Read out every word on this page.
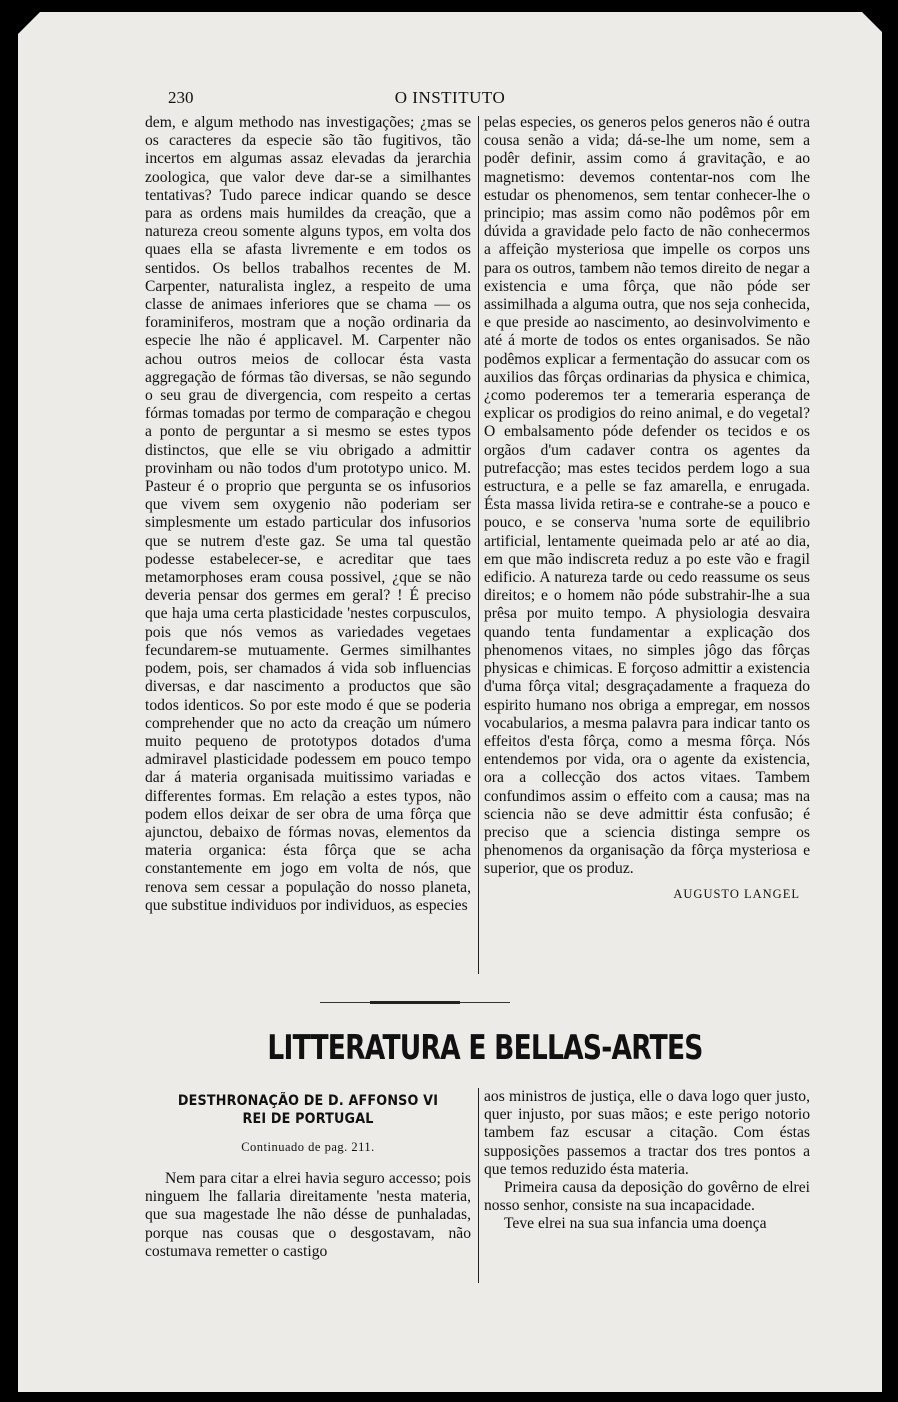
230	O INSTITUTO

dem, e algum methodo nas investigações; ¿mas se os caracteres da especie são tão fugitivos, tão incertos em algumas assaz elevadas da jerarchia zoologica, que valor deve dar-se a similhantes tentativas? Tudo parece indicar quando se desce para as ordens mais humildes da creação, que a natureza creou somente alguns typos, em volta dos quaes ella se afasta livremente e em todos os sentidos. Os bellos trabalhos recentes de M. Carpenter, naturalista inglez, a respeito de uma classe de animaes inferiores que se chama — os foraminiferos, mostram que a noção ordinaria da especie lhe não é applicavel. M. Carpenter não achou outros meios de collocar ésta vasta aggregação de fórmas tão diversas, se não segundo o seu grau de divergencia, com respeito a certas fórmas tomadas por termo de comparação e chegou a ponto de perguntar a si mesmo se estes typos distinctos, que elle se viu obrigado a admittir provinham ou não todos d'um prototypo unico. M. Pasteur é o proprio que pergunta se os infusorios que vivem sem oxygenio não poderiam ser simplesmente um estado particular dos infusorios que se nutrem d'este gaz. Se uma tal questão podesse estabelecer-se, e acreditar que taes metamorphoses eram cousa possivel, ¿que se não deveria pensar dos germes em geral? ! É preciso que haja uma certa plasticidade 'nestes corpusculos, pois que nós vemos as variedades vegetaes fecundarem-se mutuamente. Germes similhantes podem, pois, ser chamados á vida sob influencias diversas, e dar nascimento a productos que são todos identicos. So por este modo é que se poderia comprehender que no acto da creação um número muito pequeno de prototypos dotados d'uma admiravel plasticidade podessem em pouco tempo dar á materia organisada muitissimo variadas e differentes formas. Em relação a estes typos, não podem ellos deixar de ser obra de uma fôrça que ajunctou, debaixo de fórmas novas, elementos da materia organica: ésta fôrça que se acha constantemente em jogo em volta de nós, que renova sem cessar a população do nosso planeta, que substitue individuos por individuos, as especies

pelas especies, os generos pelos generos não é outra cousa senão a vida; dá-se-lhe um nome, sem a podêr definir, assim como á gravitação, e ao magnetismo: devemos contentar-nos com lhe estudar os phenomenos, sem tentar conhecer-lhe o principio; mas assim como não podêmos pôr em dúvida a gravidade pelo facto de não conhecermos a affeição mysteriosa que impelle os corpos uns para os outros, tambem não temos direito de negar a existencia e uma fôrça, que não póde ser assimilhada a alguma outra, que nos seja conhecida, e que preside ao nascimento, ao desinvolvimento e até á morte de todos os entes organisados. Se não podêmos explicar a fermentação do assucar com os auxilios das fôrças ordinarias da physica e chimica, ¿como poderemos ter a temeraria esperança de explicar os prodigios do reino animal, e do vegetal? O embalsamento póde defender os tecidos e os orgãos d'um cadaver contra os agentes da putrefacção; mas estes tecidos perdem logo a sua estructura, e a pelle se faz amarella, e enrugada. Ésta massa livida retira-se e contrahe-se a pouco e pouco, e se conserva 'numa sorte de equilibrio artificial, lentamente queimada pelo ar até ao dia, em que mão indiscreta reduz a po este vão e fragil edificio. A natureza tarde ou cedo reassume os seus direitos; e o homem não póde substrahir-lhe a sua prêsa por muito tempo. A physiologia desvaira quando tenta fundamentar a explicação dos phenomenos vitaes, no simples jôgo das fôrças physicas e chimicas. E forçoso admittir a existencia d'uma fôrça vital; desgraçadamente a fraqueza do espirito humano nos obriga a empregar, em nossos vocabularios, a mesma palavra para indicar tanto os effeitos d'esta fôrça, como a mesma fôrça. Nós entendemos por vida, ora o agente da existencia, ora a collecção dos actos vitaes. Tambem confundimos assim o effeito com a causa; mas na sciencia não se deve admittir ésta confusão; é preciso que a sciencia distinga sempre os phenomenos da organisação da fôrça mysteriosa e superior, que os produz.

AUGUSTO LANGEL
LITTERATURA E BELLAS-ARTES
DESTHRONAÇÃO DE D. AFFONSO VI
REI DE PORTUGAL
Continuado de pag. 211.

Nem para citar a elrei havia seguro accesso; pois ninguem lhe fallaria direitamente 'nesta materia, que sua magestade lhe não désse de punhaladas, porque nas cousas que o desgostavam, não costumava remetter o castigo

aos ministros de justiça, elle o dava logo quer justo, quer injusto, por suas mãos; e este perigo notorio tambem faz escusar a citação. Com éstas supposições passemos a tractar dos tres pontos a que temos reduzido ésta materia.

Primeira causa da deposição do govêrno de elrei nosso senhor, consiste na sua incapacidade.

Teve elrei na sua sua infancia uma doença
